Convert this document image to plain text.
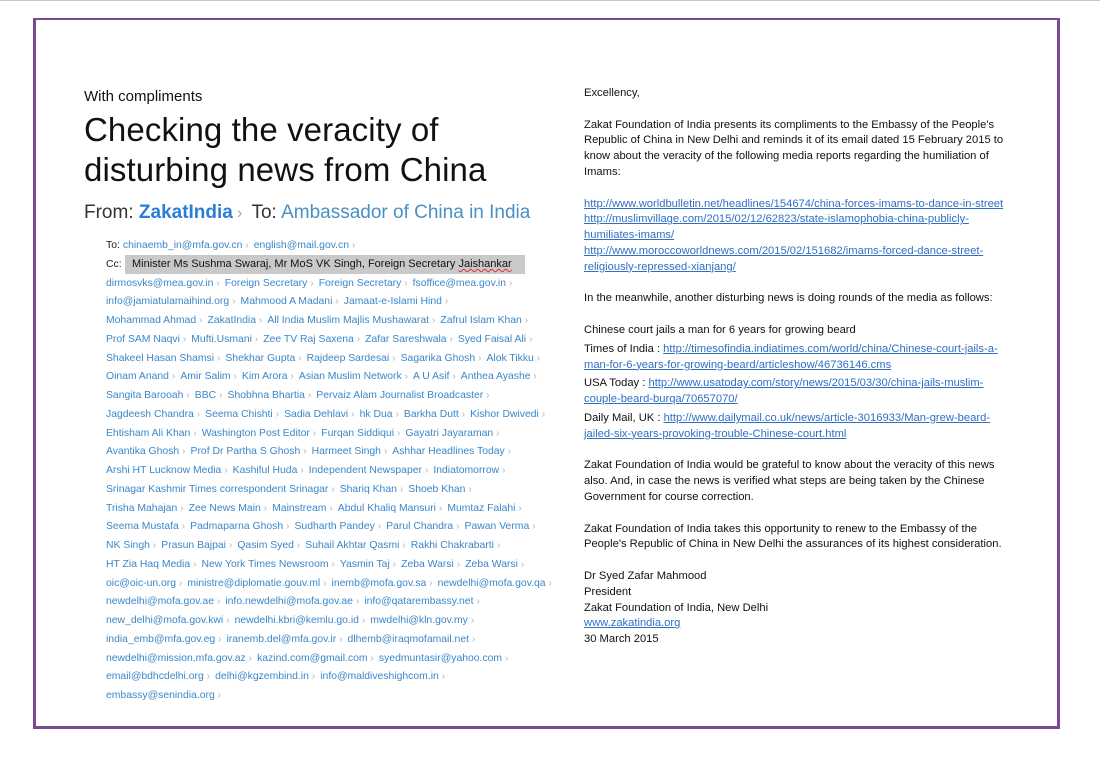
With compliments
Checking the veracity of
disturbing news from China
From: ZakatIndia › To: Ambassador of China in India
To: chinaemb_in@mfa.gov.cn › english@mail.gov.cn ›
Cc: Minister Ms Sushma Swaraj, Mr MoS VK Singh, Foreign Secretary Jaishankar
dirmosvks@mea.gov.in › Foreign Secretary › Foreign Secretary › fsoffice@mea.gov.in ›
info@jamiatulamaihind.org › Mahmood A Madani › Jamaat-e-Islami Hind ›
Mohammad Ahmad › ZakatIndia › All India Muslim Majlis Mushawarat › Zafrul Islam Khan ›
Prof SAM Naqvi › Mufti.Usmani › Zee TV Raj Saxena › Zafar Sareshwala › Syed Faisal Ali ›
Shakeel Hasan Shamsi › Shekhar Gupta › Rajdeep Sardesai › Sagarika Ghosh › Alok Tikku ›
Oinam Anand › Amir Salim › Kim Arora › Asian Muslim Network › A U Asif › Anthea Ayashe ›
Sangita Barooah › BBC › Shobhna Bhartia › Pervaiz Alam Journalist Broadcaster ›
Jagdeesh Chandra › Seema Chishti › Sadia Dehlavi › hk Dua › Barkha Dutt › Kishor Dwivedi ›
Ehtisham Ali Khan › Washington Post Editor › Furqan Siddiqui › Gayatri Jayaraman ›
Avantika Ghosh › Prof Dr Partha S Ghosh › Harmeet Singh › Ashhar Headlines Today ›
Arshi HT Lucknow Media › Kashiful Huda › Independent Newspaper › Indiatomorrow ›
Srinagar Kashmir Times correspondent Srinagar › Shariq Khan › Shoeb Khan ›
Trisha Mahajan › Zee News Main › Mainstream › Abdul Khaliq Mansuri › Mumtaz Falahi ›
Seema Mustafa › Padmaparna Ghosh › Sudharth Pandey › Parul Chandra › Pawan Verma ›
NK Singh › Prasun Bajpai › Qasim Syed › Suhail Akhtar Qasmi › Rakhi Chakrabarti ›
HT Zia Haq Media › New York Times Newsroom › Yasmin Taj › Zeba Warsi › Zeba Warsi ›
oic@oic-un.org › ministre@diplomatie.gouv.ml › inemb@mofa.gov.sa › newdelhi@mofa.gov.qa ›
newdelhi@mofa.gov.ae › info.newdelhi@mofa.gov.ae › info@qatarembassy.net ›
new_delhi@mofa.gov.kwi › newdelhi.kbri@kemlu.go.id › mwdelhi@kln.gov.my ›
india_emb@mfa.gov.eg › iranemb.del@mfa.gov.ir › dlhemb@iraqmofamail.net ›
newdelhi@mission.mfa.gov.az › kazind.com@gmail.com › syedmuntasir@yahoo.com ›
email@bdhcdelhi.org › delhi@kgzembind.in › info@maldiveshighcom.in ›
embassy@senindia.org ›

Excellency,

Zakat Foundation of India presents its compliments to the Embassy of the People's Republic of China in New Delhi and reminds it of its email dated 15 February 2015 to know about the veracity of the following media reports regarding the humiliation of Imams:

http://www.worldbulletin.net/headlines/154674/china-forces-imams-to-dance-in-street

http://muslimvillage.com/2015/02/12/62823/state-islamophobia-china-publicly-humiliates-imams/

http://www.moroccoworldnews.com/2015/02/151682/imams-forced-dance-street-religiously-repressed-xianjang/

In the meanwhile, another disturbing news is doing rounds of the media as follows:

Chinese court jails a man for 6 years for growing beard

Times of India : http://timesofindia.indiatimes.com/world/china/Chinese-court-jails-a-man-for-6-years-for-growing-beard/articleshow/46736146.cms

USA Today : http://www.usatoday.com/story/news/2015/03/30/china-jails-muslim-couple-beard-burqa/70657070/

Daily Mail, UK : http://www.dailymail.co.uk/news/article-3016933/Man-grew-beard-jailed-six-years-provoking-trouble-Chinese-court.html

Zakat Foundation of India would be grateful to know about the veracity of this news also. And, in case the news is verified what steps are being taken by the Chinese Government for course correction.

Zakat Foundation of India takes this opportunity to renew to the Embassy of the People's Republic of China in New Delhi the assurances of its highest consideration.

Dr Syed Zafar Mahmood

President

Zakat Foundation of India, New Delhi

www.zakatindia.org

30 March 2015
